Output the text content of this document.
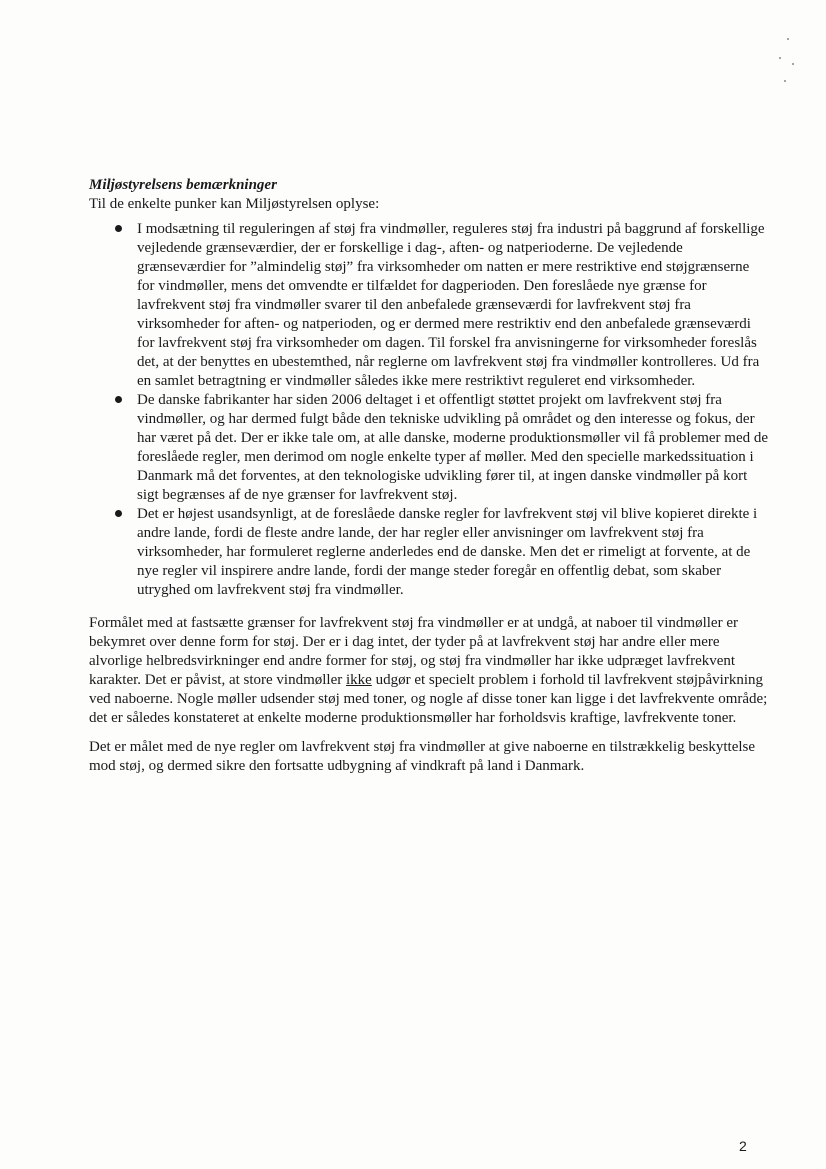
Miljøstyrelsens bemærkninger
Til de enkelte punker kan Miljøstyrelsen oplyse:
I modsætning til reguleringen af støj fra vindmøller, reguleres støj fra industri på baggrund af forskellige vejledende grænseværdier, der er forskellige i dag-, aften- og natperioderne. De vejledende grænseværdier for ”almindelig støj” fra virksomheder om natten er mere restriktive end støjgrænserne for vindmøller, mens det omvendte er tilfældet for dagperioden. Den foreslåede nye grænse for lavfrekvent støj fra vindmøller svarer til den anbefalede grænseværdi for lavfrekvent støj fra virksomheder for aften- og natperioden, og er dermed mere restriktiv end den anbefalede grænseværdi for lavfrekvent støj fra virksomheder om dagen. Til forskel fra anvisningerne for virksomheder foreslås det, at der benyttes en ubestemthed, når reglerne om lavfrekvent støj fra vindmøller kontrolleres. Ud fra en samlet betragtning er vindmøller således ikke mere restriktivt reguleret end virksomheder.
De danske fabrikanter har siden 2006 deltaget i et offentligt støttet projekt om lavfrekvent støj fra vindmøller, og har dermed fulgt både den tekniske udvikling på området og den interesse og fokus, der har været på det. Der er ikke tale om, at alle danske, moderne produktionsmøller vil få problemer med de foreslåede regler, men derimod om nogle enkelte typer af møller. Med den specielle markedssituation i Danmark må det forventes, at den teknologiske udvikling fører til, at ingen danske vindmøller på kort sigt begrænses af de nye grænser for lavfrekvent støj.
Det er højest usandsynligt, at de foreslåede danske regler for lavfrekvent støj vil blive kopieret direkte i andre lande, fordi de fleste andre lande, der har regler eller anvisninger om lavfrekvent støj fra virksomheder, har formuleret reglerne anderledes end de danske. Men det er rimeligt at forvente, at de nye regler vil inspirere andre lande, fordi der mange steder foregår en offentlig debat, som skaber utryghed om lavfrekvent støj fra vindmøller.

Formålet med at fastsætte grænser for lavfrekvent støj fra vindmøller er at undgå, at naboer til vindmøller er bekymret over denne form for støj. Der er i dag intet, der tyder på at lavfrekvent støj har andre eller mere alvorlige helbredsvirkninger end andre former for støj, og støj fra vindmøller har ikke udpræget lavfrekvent karakter. Det er påvist, at store vindmøller ikke udgør et specielt problem i forhold til lavfrekvent støjpåvirkning ved naboerne. Nogle møller udsender støj med toner, og nogle af disse toner kan ligge i det lavfrekvente område; det er således konstateret at enkelte moderne produktionsmøller har forholdsvis kraftige, lavfrekvente toner.

Det er målet med de nye regler om lavfrekvent støj fra vindmøller at give naboerne en tilstrækkelig beskyttelse mod støj, og dermed sikre den fortsatte udbygning af vindkraft på land i Danmark.

2
